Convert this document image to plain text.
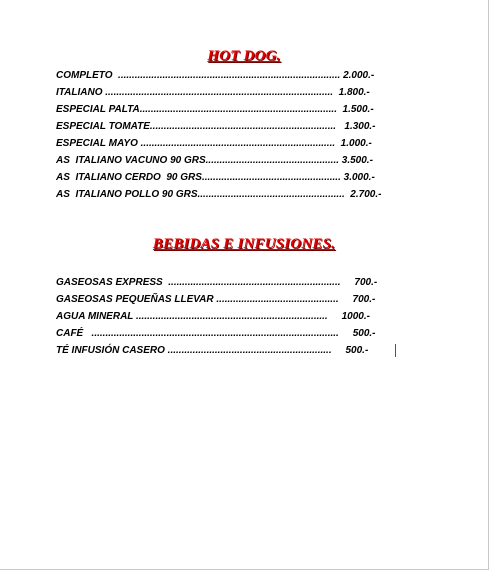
HOT DOG.
COMPLETO  ................................................................................ 2.000.-
ITALIANO ..................................................................................  1.800.-
ESPECIAL PALTA.......................................................................  1.500.-
ESPECIAL TOMATE...................................................................   1.300.-
ESPECIAL MAYO ......................................................................  1.000.-
AS  ITALIANO VACUNO 90 GRS................................................ 3.500.-
AS  ITALIANO CERDO  90 GRS.................................................. 3.000.-
AS  ITALIANO POLLO 90 GRS.....................................................  2.700.-
BEBIDAS E INFUSIONES.
GASEOSAS EXPRESS  ..............................................................     700.-
GASEOSAS PEQUEÑAS LLEVAR ............................................     700.-
AGUA MINERAL .....................................................................     1000.-
CAFÉ   .........................................................................................     500.-
TÉ INFUSIÓN CASERO ...........................................................     500.-
